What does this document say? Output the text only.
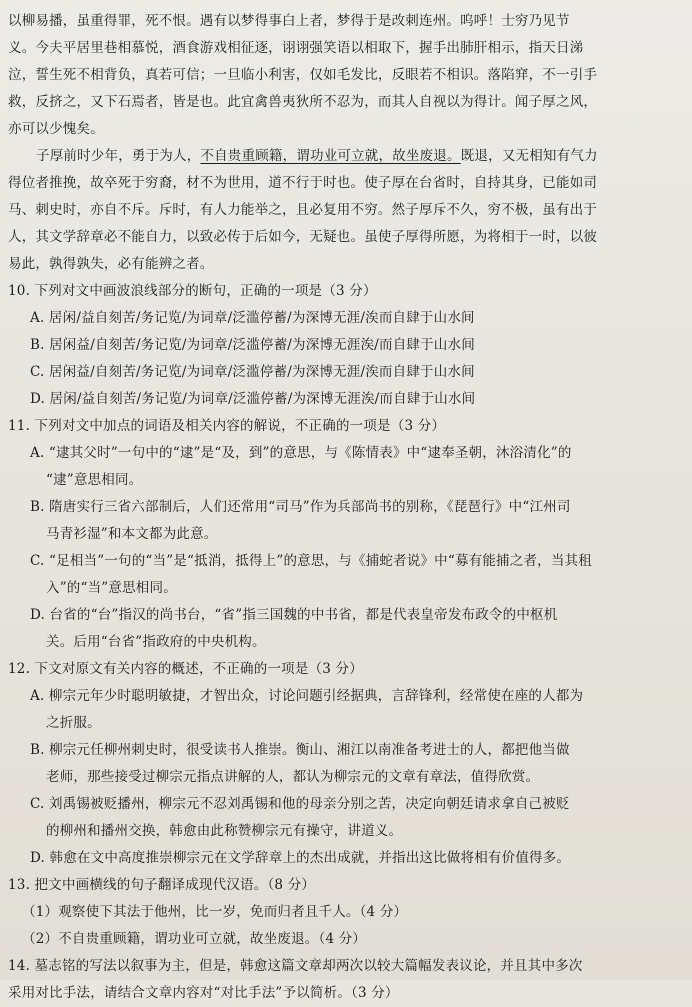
以柳易播，虽重得罪，死不恨。遇有以梦得事白上者，梦得于是改刺连州。呜呼！士穷乃见节
义。今夫平居里巷相慕悦，酒食游戏相征逐，诩诩强笑语以相取下，握手出肺肝相示，指天日涕
泣，誓生死不相背负，真若可信；一旦临小利害，仅如毛发比，反眼若不相识。落陷穽，不一引手
救，反挤之，又下石焉者，皆是也。此宜禽兽夷狄所不忍为，而其人自视以为得计。闻子厚之风，
亦可以少愧矣。
子厚前时少年，勇于为人，不自贵重顾籍，谓功业可立就，故坐废退。既退，又无相知有气力
得位者推挽，故卒死于穷裔，材不为世用，道不行于时也。使子厚在台省时，自持其身，已能如司
马、刺史时，亦自不斥。斥时，有人力能举之，且必复用不穷。然子厚斥不久，穷不极，虽有出于
人，其文学辞章必不能自力，以致必传于后如今，无疑也。虽使子厚得所愿，为将相于一时，以彼
易此，孰得孰失，必有能辨之者。
10. 下列对文中画波浪线部分的断句，正确的一项是（3 分）
A. 居闲/益自刻苦/务记览/为词章/泛滥停蓄/为深博无涯/涘而自肆于山水间
B. 居闲益/自刻苦/务记览/为词章/泛滥停蓄/为深博无涯涘/而自肆于山水间
C. 居闲益/自刻苦/务记览/为词章/泛滥停蓄/为深博无涯/涘而自肆于山水间
D. 居闲/益自刻苦/务记览/为词章/泛滥停蓄/为深博无涯涘/而自肆于山水间
11. 下列对文中加点的词语及相关内容的解说，不正确的一项是（3 分）
A. “逮其父时”一句中的“逮”是“及，到”的意思，与《陈情表》中“逮奉圣朝，沐浴清化”的
“逮”意思相同。
B. 隋唐实行三省六部制后，人们还常用“司马”作为兵部尚书的别称，《琵琶行》中“江州司
马青衫湿”和本文都为此意。
C. “足相当”一句的“当”是“抵消，抵得上”的意思，与《捕蛇者说》中“募有能捕之者，当其租
入”的“当”意思相同。
D. 台省的“台”指汉的尚书台，“省”指三国魏的中书省，都是代表皇帝发布政令的中枢机
关。后用“台省”指政府的中央机构。
12. 下文对原文有关内容的概述，不正确的一项是（3 分）
A. 柳宗元年少时聪明敏捷，才智出众，讨论问题引经据典，言辞锋利，经常使在座的人都为
之折服。
B. 柳宗元任柳州刺史时，很受读书人推崇。衡山、湘江以南准备考进士的人，都把他当做
老师，那些接受过柳宗元指点讲解的人，都认为柳宗元的文章有章法，值得欣赏。
C. 刘禹锡被贬播州，柳宗元不忍刘禹锡和他的母亲分别之苦，决定向朝廷请求拿自己被贬
的柳州和播州交换，韩愈由此称赞柳宗元有操守，讲道义。
D. 韩愈在文中高度推崇柳宗元在文学辞章上的杰出成就，并指出这比做将相有价值得多。
13. 把文中画横线的句子翻译成现代汉语。（8 分）
（1）观察使下其法于他州，比一岁，免而归者且千人。（4 分）
（2）不自贵重顾籍，谓功业可立就，故坐废退。（4 分）
14. 墓志铭的写法以叙事为主，但是，韩愈这篇文章却两次以较大篇幅发表议论，并且其中多次
采用对比手法，请结合文章内容对“对比手法”予以简析。（3 分）
